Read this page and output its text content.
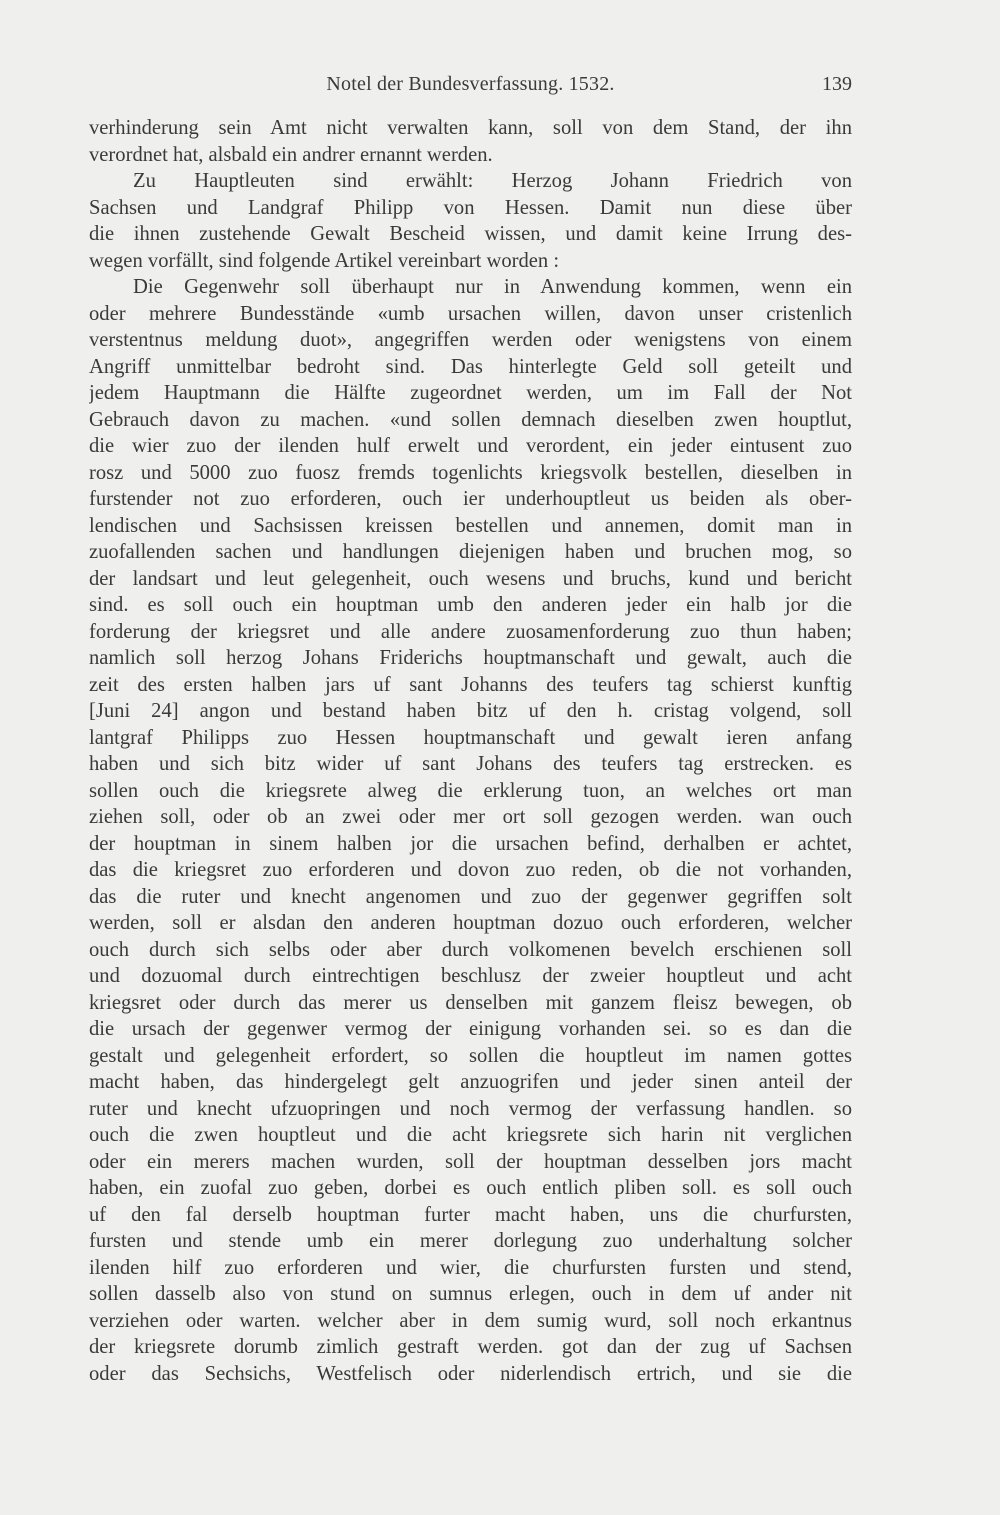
Notel der Bundesverfassung. 1532.	139
verhinderung sein Amt nicht verwalten kann, soll von dem Stand, der ihn
verordnet hat, alsbald ein andrer ernannt werden.
Zu Hauptleuten sind erwählt: Herzog Johann Friedrich von
Sachsen und Landgraf Philipp von Hessen. Damit nun diese über
die ihnen zustehende Gewalt Bescheid wissen, und damit keine Irrung des-
wegen vorfällt, sind folgende Artikel vereinbart worden :
Die Gegenwehr soll überhaupt nur in Anwendung kommen, wenn ein
oder mehrere Bundesstände «umb ursachen willen, davon unser cristenlich
verstentnus meldung duot», angegriffen werden oder wenigstens von einem
Angriff unmittelbar bedroht sind. Das hinterlegte Geld soll geteilt und
jedem Hauptmann die Hälfte zugeordnet werden, um im Fall der Not
Gebrauch davon zu machen. «und sollen demnach dieselben zwen houptlut,
die wier zuo der ilenden hulf erwelt und verordent, ein jeder eintusent zuo
rosz und 5000 zuo fuosz fremds togenlichts kriegsvolk bestellen, dieselben in
furstender not zuo erforderen, ouch ier underhouptleut us beiden als ober-
lendischen und Sachsissen kreissen bestellen und annemen, domit man in
zuofallenden sachen und handlungen diejenigen haben und bruchen mog, so
der landsart und leut gelegenheit, ouch wesens und bruchs, kund und bericht
sind. es soll ouch ein houptman umb den anderen jeder ein halb jor die
forderung der kriegsret und alle andere zuosamenforderung zuo thun haben;
namlich soll herzog Johans Friderichs houptmanschaft und gewalt, auch die
zeit des ersten halben jars uf sant Johanns des teufers tag schierst kunftig
[Juni 24] angon und bestand haben bitz uf den h. cristag volgend, soll
lantgraf Philipps zuo Hessen houptmanschaft und gewalt ieren anfang
haben und sich bitz wider uf sant Johans des teufers tag erstrecken. es
sollen ouch die kriegsrete alweg die erklerung tuon, an welches ort man
ziehen soll, oder ob an zwei oder mer ort soll gezogen werden. wan ouch
der houptman in sinem halben jor die ursachen befind, derhalben er achtet,
das die kriegsret zuo erforderen und dovon zuo reden, ob die not vorhanden,
das die ruter und knecht angenomen und zuo der gegenwer gegriffen solt
werden, soll er alsdan den anderen houptman dozuo ouch erforderen, welcher
ouch durch sich selbs oder aber durch volkomenen bevelch erschienen soll
und dozuomal durch eintrechtigen beschlusz der zweier houptleut und acht
kriegsret oder durch das merer us denselben mit ganzem fleisz bewegen, ob
die ursach der gegenwer vermog der einigung vorhanden sei. so es dan die
gestalt und gelegenheit erfordert, so sollen die houptleut im namen gottes
macht haben, das hindergelegt gelt anzuogrifen und jeder sinen anteil der
ruter und knecht ufzuopringen und noch vermog der verfassung handlen. so
ouch die zwen houptleut und die acht kriegsrete sich harin nit verglichen
oder ein merers machen wurden, soll der houptman desselben jors macht
haben, ein zuofal zuo geben, dorbei es ouch entlich pliben soll. es soll ouch
uf den fal derselb houptman furter macht haben, uns die churfursten,
fursten und stende umb ein merer dorlegung zuo underhaltung solcher
ilenden hilf zuo erforderen und wier, die churfursten fursten und stend,
sollen dasselb also von stund on sumnus erlegen, ouch in dem uf ander nit
verziehen oder warten. welcher aber in dem sumig wurd, soll noch erkantnus
der kriegsrete dorumb zimlich gestraft werden. got dan der zug uf Sachsen
oder das Sechsichs, Westfelisch oder niderlendisch ertrich, und sie die
